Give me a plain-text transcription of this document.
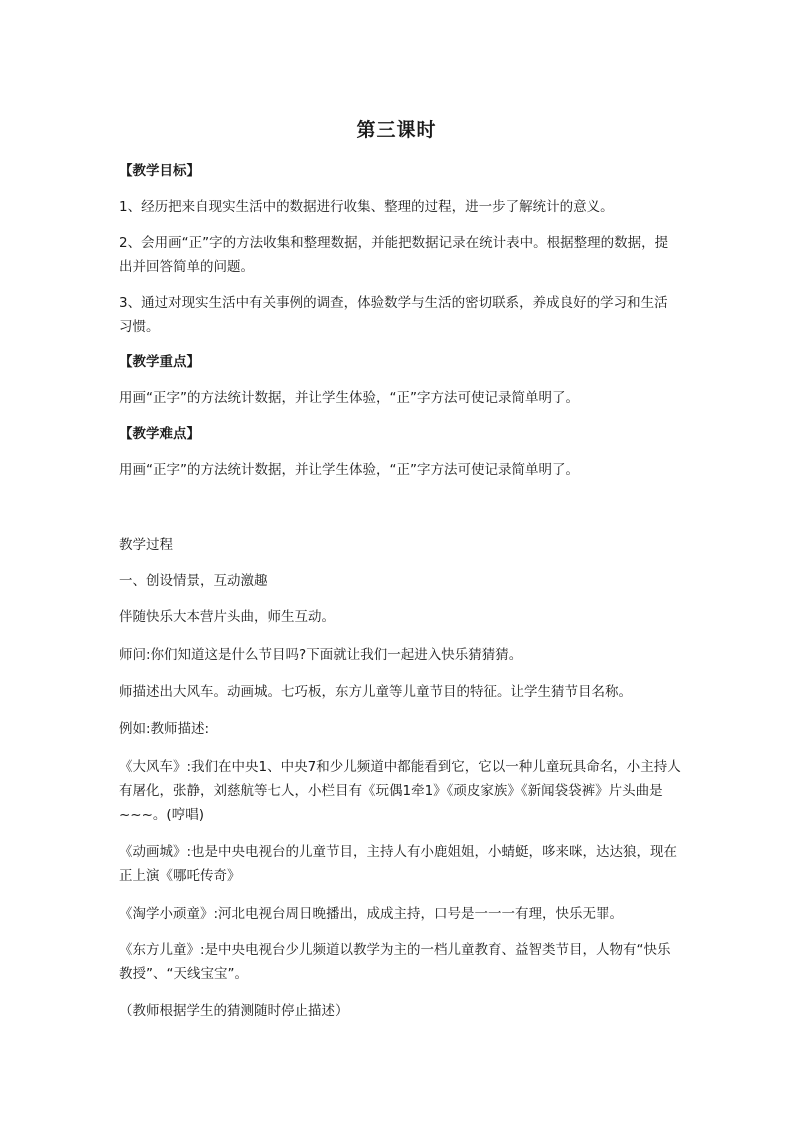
第三课时

【教学目标】

1、经历把来自现实生活中的数据进行收集、整理的过程，进一步了解统计的意义。

2、会用画“正”字的方法收集和整理数据，并能把数据记录在统计表中。根据整理的数据，提出并回答简单的问题。

3、通过对现实生活中有关事例的调查，体验数学与生活的密切联系，养成良好的学习和生活习惯。

【教学重点】

用画“正字”的方法统计数据，并让学生体验，“正”字方法可使记录简单明了。

【教学难点】

用画“正字”的方法统计数据，并让学生体验，“正”字方法可使记录简单明了。

教学过程

一、创设情景，互动激趣

伴随快乐大本营片头曲，师生互动。

师问:你们知道这是什么节目吗?下面就让我们一起进入快乐猜猜猜。

师描述出大风车。动画城。七巧板，东方儿童等儿童节目的特征。让学生猜节目名称。

例如:教师描述:

《大风车》:我们在中央1、中央7和少儿频道中都能看到它，它以一种儿童玩具命名，小主持人有屠化，张静，刘慈航等七人，小栏目有《玩偶1牵1》《顽皮家族》《新闻袋袋裤》片头曲是~~~。(哼唱)

《动画城》:也是中央电视台的儿童节目，主持人有小鹿姐姐，小蜻蜓，哆来咪，达达狼，现在正上演《哪吒传奇》

《淘学小顽童》:河北电视台周日晚播出，成成主持，口号是一一一有理，快乐无罪。

《东方儿童》:是中央电视台少儿频道以教学为主的一档儿童教育、益智类节目，人物有“快乐教授”、“天线宝宝”。

（教师根据学生的猜测随时停止描述）
